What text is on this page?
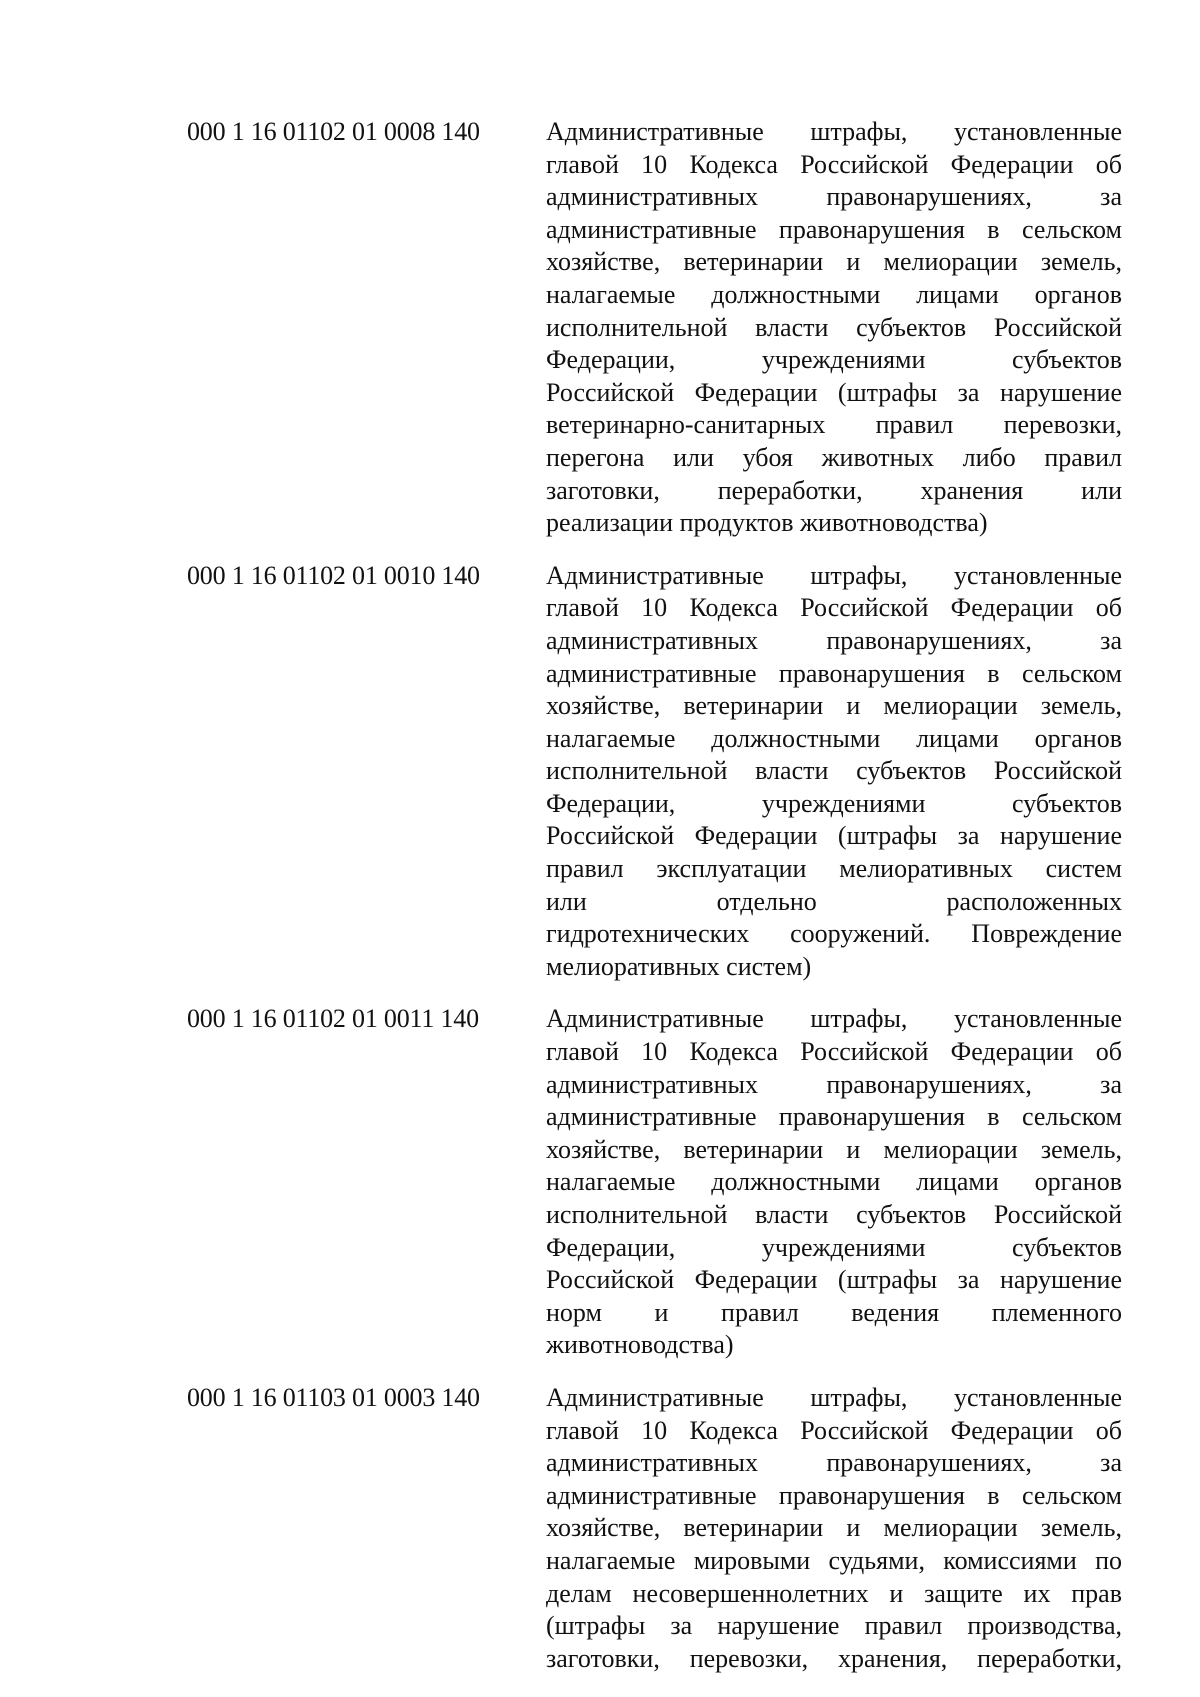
000 1 16 01102 01 0008 140	Административные штрафы, установленные
главой 10 Кодекса Российской Федерации об
административных правонарушениях, за
административные правонарушения в сельском
хозяйстве, ветеринарии и мелиорации земель,
налагаемые должностными лицами органов
исполнительной власти субъектов Российской
Федерации, учреждениями субъектов
Российской Федерации (штрафы за нарушение
ветеринарно-санитарных правил перевозки,
перегона или убоя животных либо правил
заготовки, переработки, хранения или
реализации продуктов животноводства)
000 1 16 01102 01 0010 140	Административные штрафы, установленные
главой 10 Кодекса Российской Федерации об
административных правонарушениях, за
административные правонарушения в сельском
хозяйстве, ветеринарии и мелиорации земель,
налагаемые должностными лицами органов
исполнительной власти субъектов Российской
Федерации, учреждениями субъектов
Российской Федерации (штрафы за нарушение
правил эксплуатации мелиоративных систем
или отдельно расположенных
гидротехнических сооружений. Повреждение
мелиоративных систем)
000 1 16 01102 01 0011 140	Административные штрафы, установленные
главой 10 Кодекса Российской Федерации об
административных правонарушениях, за
административные правонарушения в сельском
хозяйстве, ветеринарии и мелиорации земель,
налагаемые должностными лицами органов
исполнительной власти субъектов Российской
Федерации, учреждениями субъектов
Российской Федерации (штрафы за нарушение
норм и правил ведения племенного
животноводства)
000 1 16 01103 01 0003 140	Административные штрафы, установленные
главой 10 Кодекса Российской Федерации об
административных правонарушениях, за
административные правонарушения в сельском
хозяйстве, ветеринарии и мелиорации земель,
налагаемые мировыми судьями, комиссиями по
делам несовершеннолетних и защите их прав
(штрафы за нарушение правил производства,
заготовки, перевозки, хранения, переработки,
